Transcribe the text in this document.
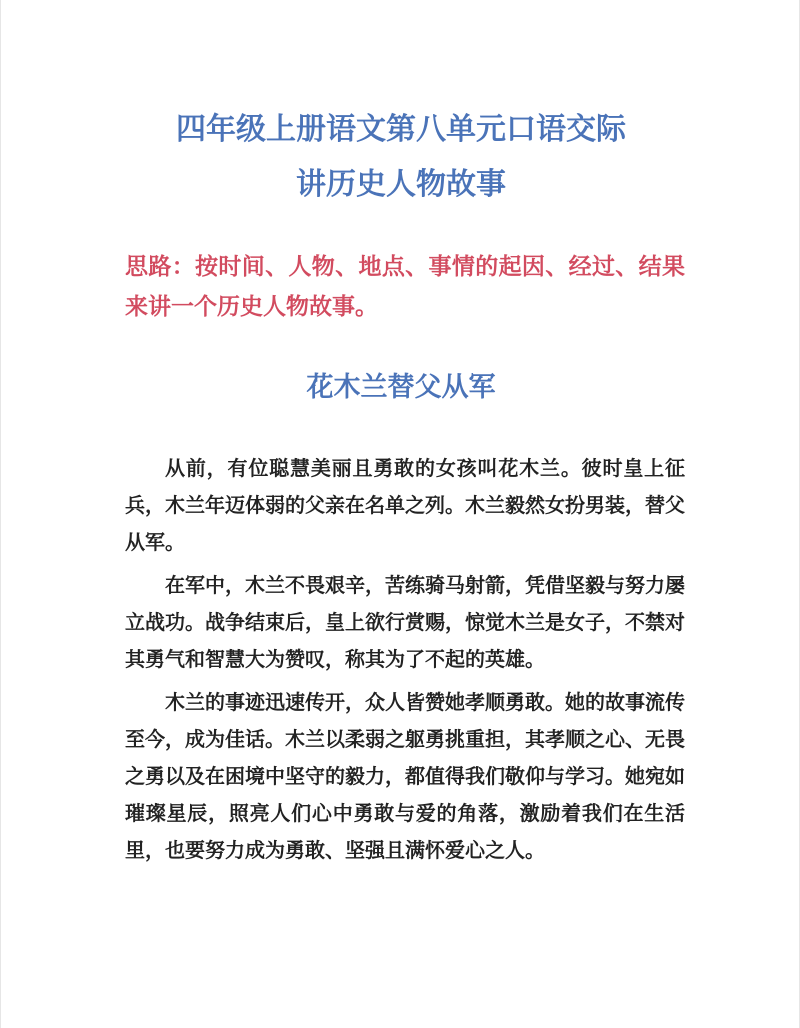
四年级上册语文第八单元口语交际
讲历史人物故事

思路：按时间、人物、地点、事情的起因、经过、结果来讲一个历史人物故事。

花木兰替父从军

从前，有位聪慧美丽且勇敢的女孩叫花木兰。彼时皇上征兵，木兰年迈体弱的父亲在名单之列。木兰毅然女扮男装，替父从军。

在军中，木兰不畏艰辛，苦练骑马射箭，凭借坚毅与努力屡立战功。战争结束后，皇上欲行赏赐，惊觉木兰是女子，不禁对其勇气和智慧大为赞叹，称其为了不起的英雄。

木兰的事迹迅速传开，众人皆赞她孝顺勇敢。她的故事流传至今，成为佳话。木兰以柔弱之躯勇挑重担，其孝顺之心、无畏之勇以及在困境中坚守的毅力，都值得我们敬仰与学习。她宛如璀璨星辰，照亮人们心中勇敢与爱的角落，激励着我们在生活里，也要努力成为勇敢、坚强且满怀爱心之人。
